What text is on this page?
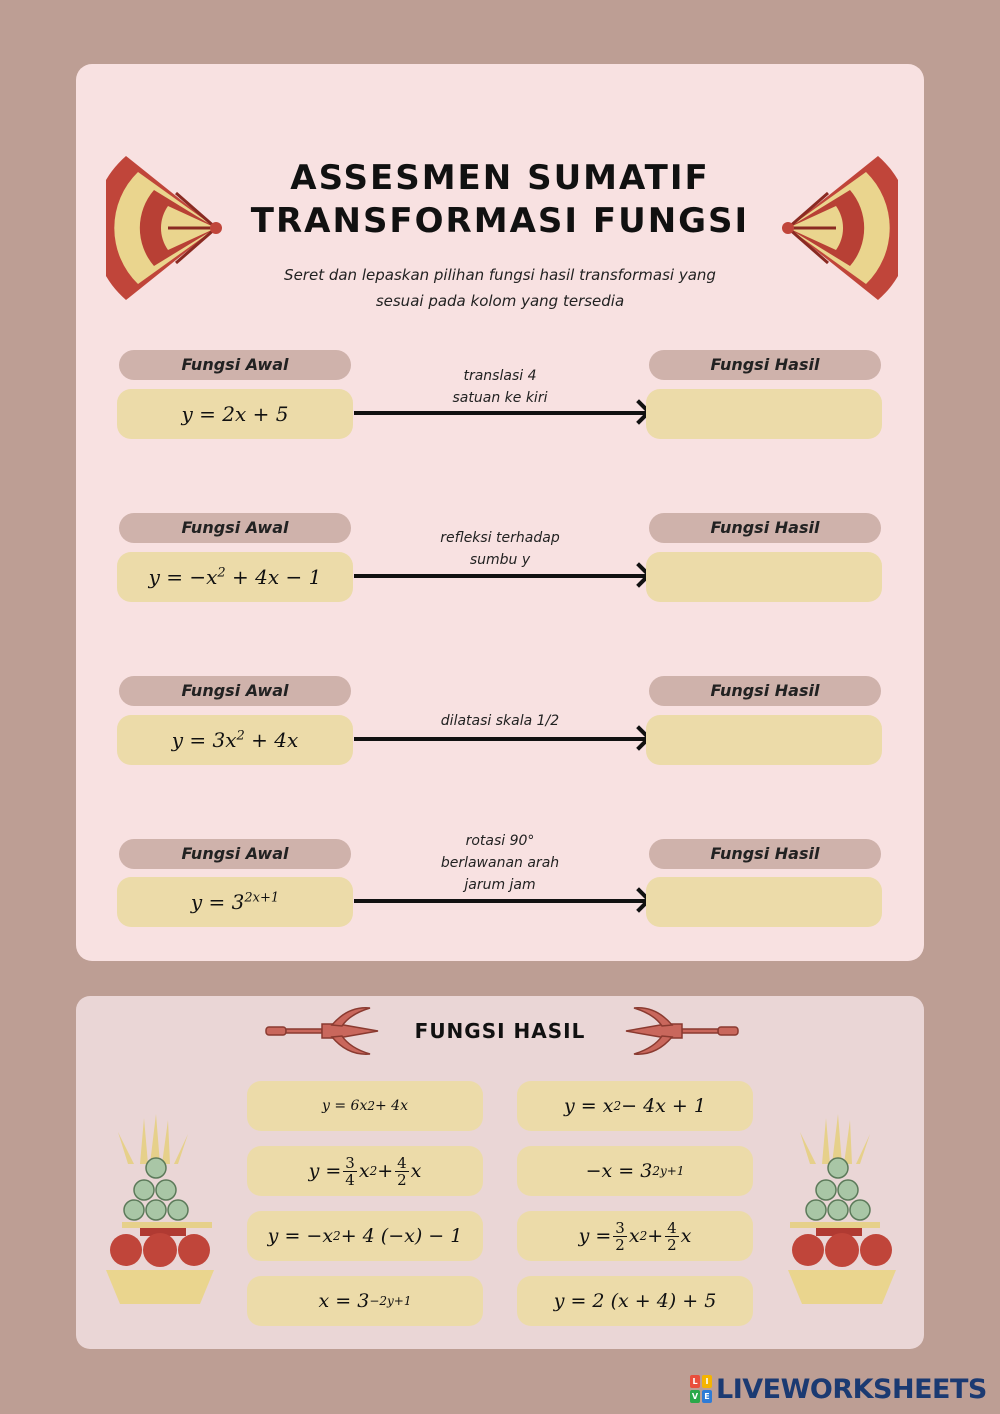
ASSESMEN SUMATIF
TRANSFORMASI FUNGSI
Seret dan lepaskan pilihan fungsi hasil transformasi yang
sesuai pada kolom yang tersedia
Fungsi Awal	Fungsi Hasil
y = 2x + 5
translasi 4
satuan ke kiri
Fungsi Awal	Fungsi Hasil
$y = -x^2 + 4x - 1$
refleksi terhadap
sumbu y
Fungsi Awal	Fungsi Hasil
$y = 3x^2 + 4x$
dilatasi skala 1/2
Fungsi Awal	Fungsi Hasil
$y = 3^{2x+1}$
rotasi 90°
berlawanan arah
jarum jam
FUNGSI HASIL
y = 6x 2 + 4x	y = x 2 − 4x + 1
$y = \frac{3}{4}$ x $2 + \frac{4}{2}$ x	−x = 3 2y+1
y = −x 2 + 4 (−x) − 1	$y = \frac{3}{2}$ x $2 + \frac{4}{2}$ x
x = 3 −2y+1	y = 2 (x + 4) + 5
L I
V E LIVEWORKSHEETS
